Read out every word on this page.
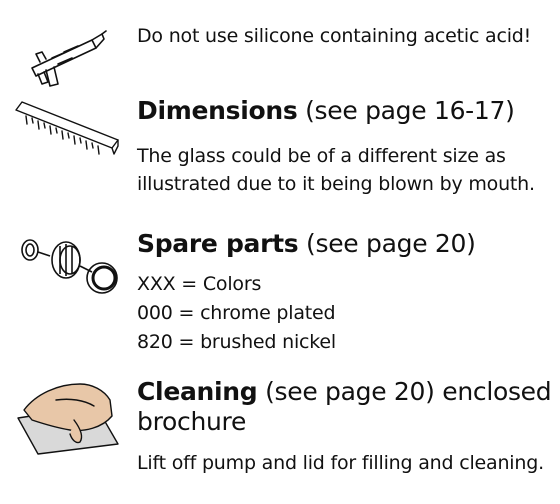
Do not use silicone containing acetic acid!
Dimensions (see page 16-17)
The glass could be of a different size as
illustrated due to it being blown by mouth.
Spare parts (see page 20)
XXX = Colors
000 = chrome plated
820 = brushed nickel
Cleaning (see page 20) enclosed
brochure
Lift off pump and lid for filling and cleaning.
